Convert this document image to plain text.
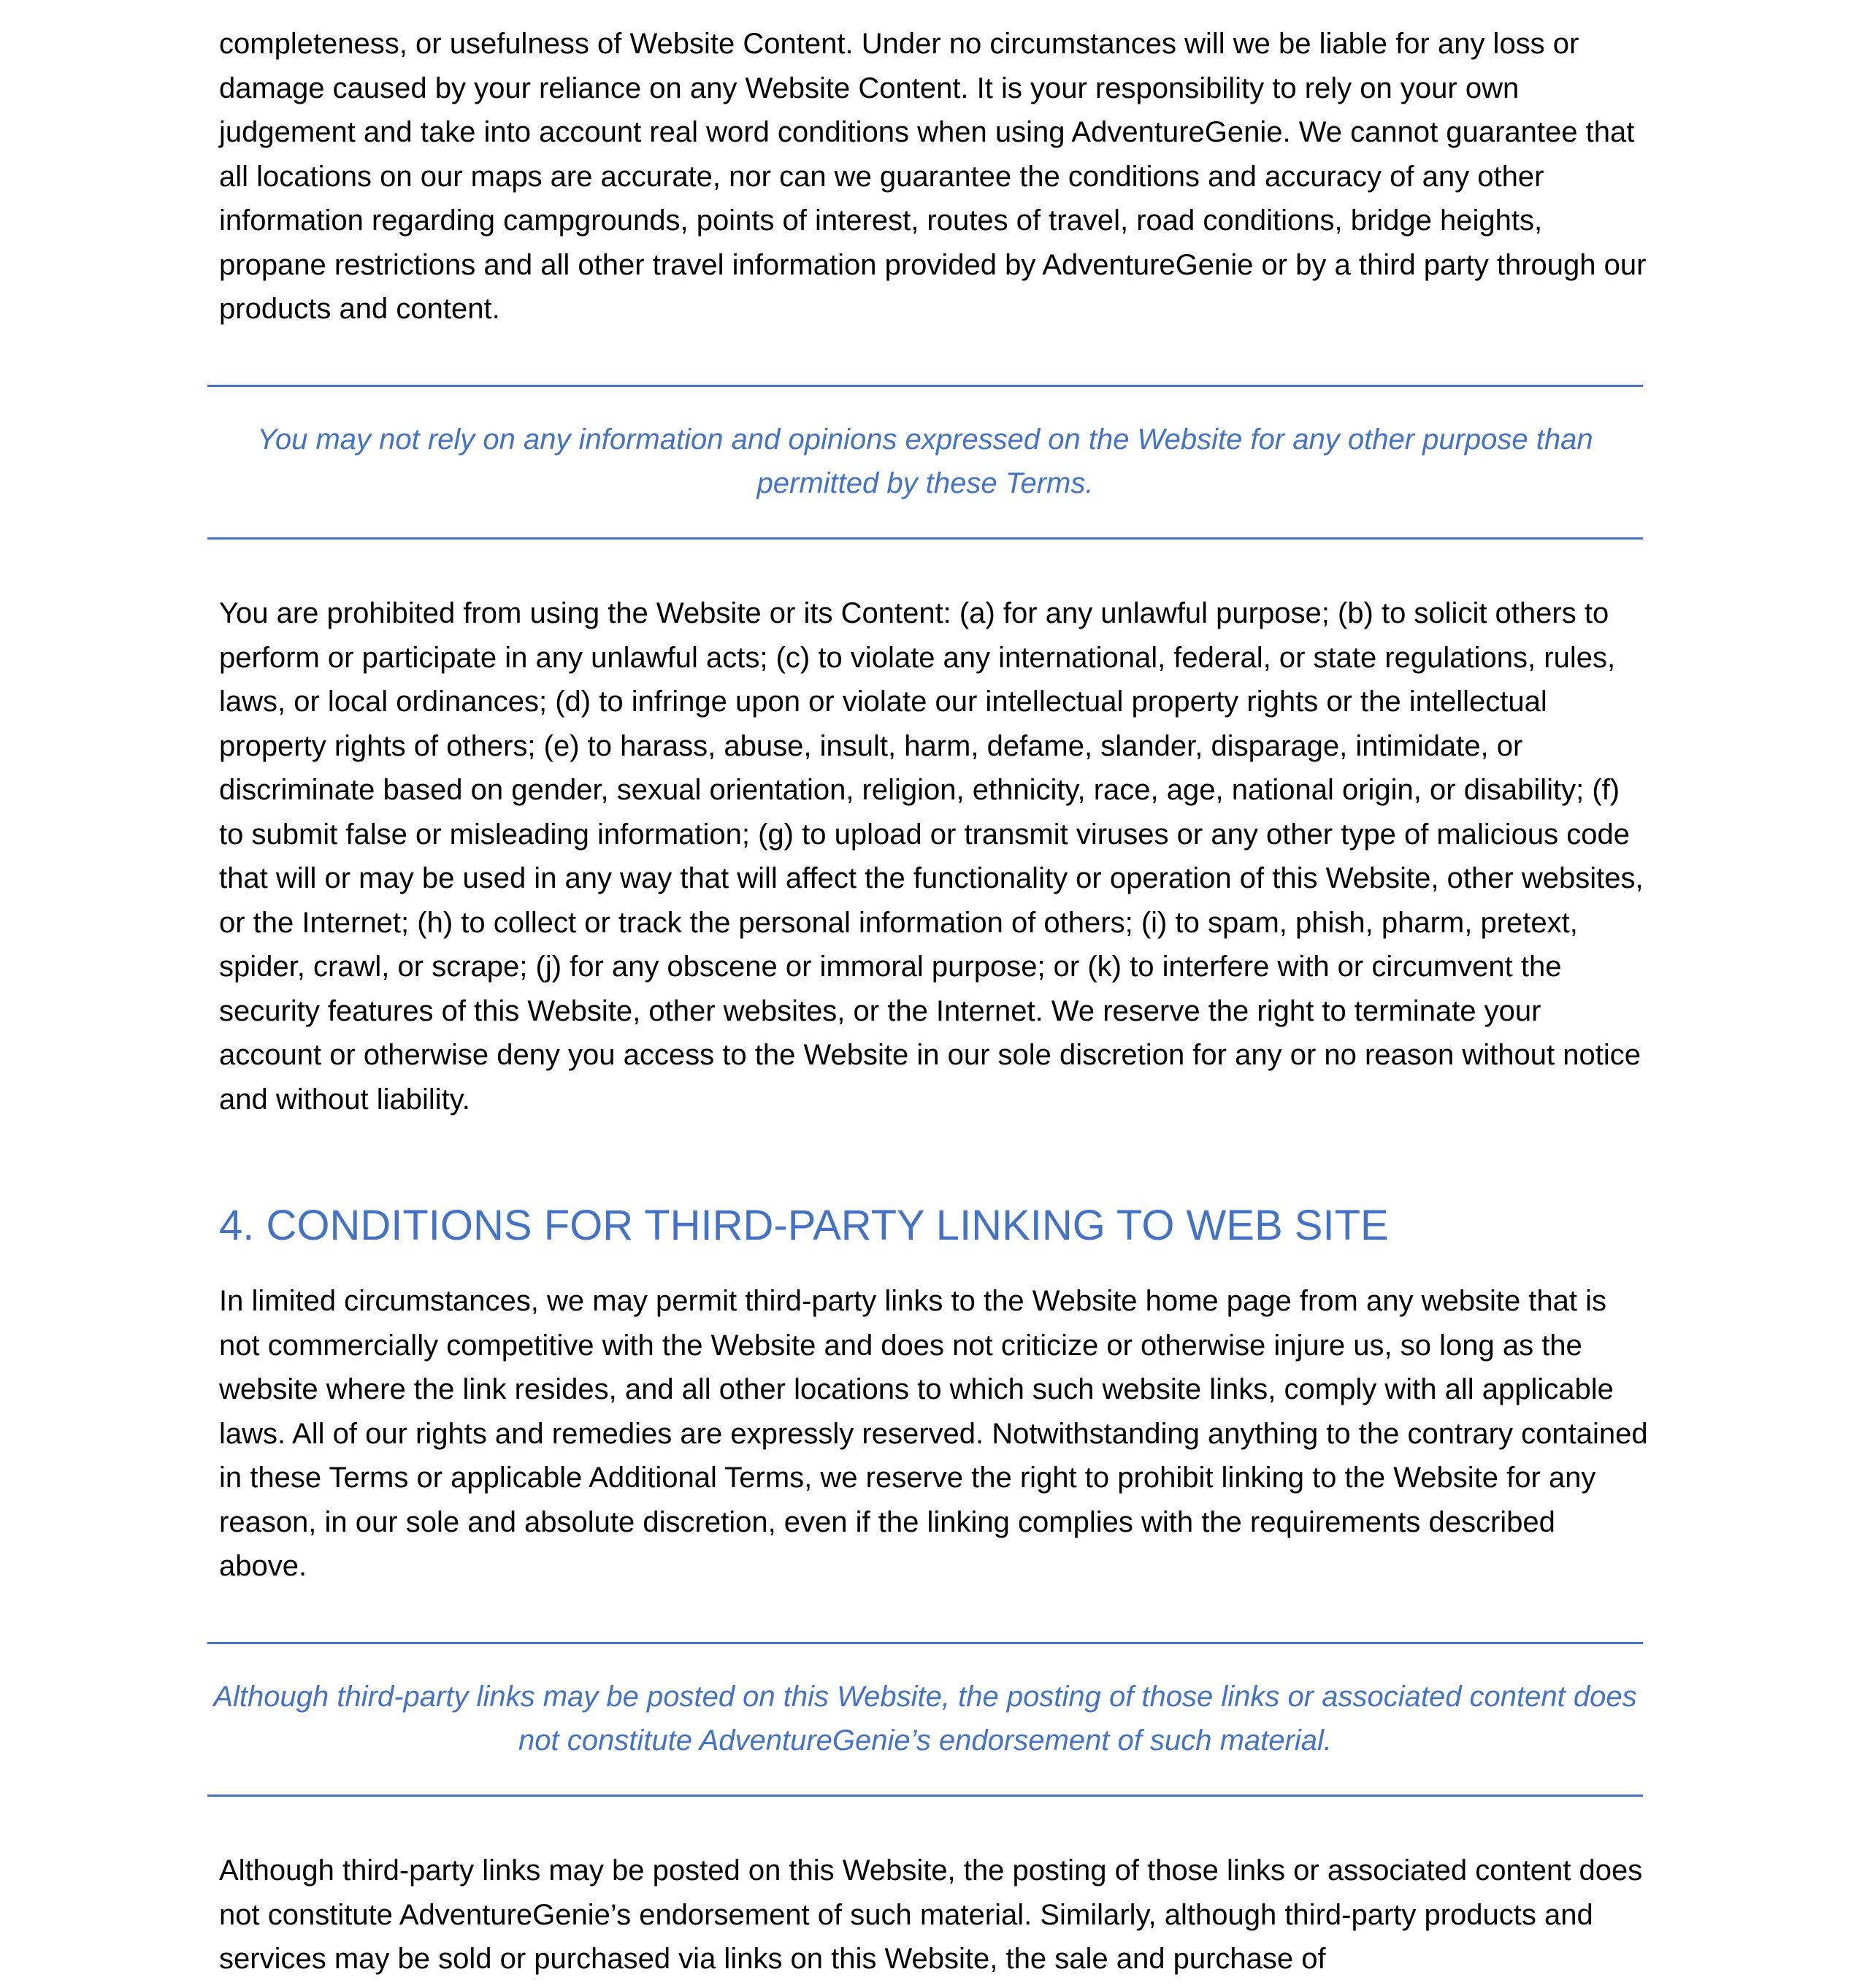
completeness, or usefulness of Website Content. Under no circumstances will we be liable for any loss or damage caused by your reliance on any Website Content. It is your responsibility to rely on your own judgement and take into account real word conditions when using AdventureGenie. We cannot guarantee that all locations on our maps are accurate, nor can we guarantee the conditions and accuracy of any other information regarding campgrounds, points of interest, routes of travel, road conditions, bridge heights, propane restrictions and all other travel information provided by AdventureGenie or by a third party through our products and content.

You may not rely on any information and opinions expressed on the Website for any other purpose than permitted by these Terms.

You are prohibited from using the Website or its Content: (a) for any unlawful purpose; (b) to solicit others to perform or participate in any unlawful acts; (c) to violate any international, federal, or state regulations, rules, laws, or local ordinances; (d) to infringe upon or violate our intellectual property rights or the intellectual property rights of others; (e) to harass, abuse, insult, harm, defame, slander, disparage, intimidate, or discriminate based on gender, sexual orientation, religion, ethnicity, race, age, national origin, or disability; (f) to submit false or misleading information; (g) to upload or transmit viruses or any other type of malicious code that will or may be used in any way that will affect the functionality or operation of this Website, other websites, or the Internet; (h) to collect or track the personal information of others; (i) to spam, phish, pharm, pretext, spider, crawl, or scrape; (j) for any obscene or immoral purpose; or (k) to interfere with or circumvent the security features of this Website, other websites, or the Internet. We reserve the right to terminate your account or otherwise deny you access to the Website in our sole discretion for any or no reason without notice and without liability.

4. CONDITIONS FOR THIRD-PARTY LINKING TO WEB SITE

In limited circumstances, we may permit third-party links to the Website home page from any website that is not commercially competitive with the Website and does not criticize or otherwise injure us, so long as the website where the link resides, and all other locations to which such website links, comply with all applicable laws. All of our rights and remedies are expressly reserved. Notwithstanding anything to the contrary contained in these Terms or applicable Additional Terms, we reserve the right to prohibit linking to the Website for any reason, in our sole and absolute discretion, even if the linking complies with the requirements described above.

Although third-party links may be posted on this Website, the posting of those links or associated content does not constitute AdventureGenie’s endorsement of such material.

Although third-party links may be posted on this Website, the posting of those links or associated content does not constitute AdventureGenie’s endorsement of such material. Similarly, although third-party products and services may be sold or purchased via links on this Website, the sale and purchase of
